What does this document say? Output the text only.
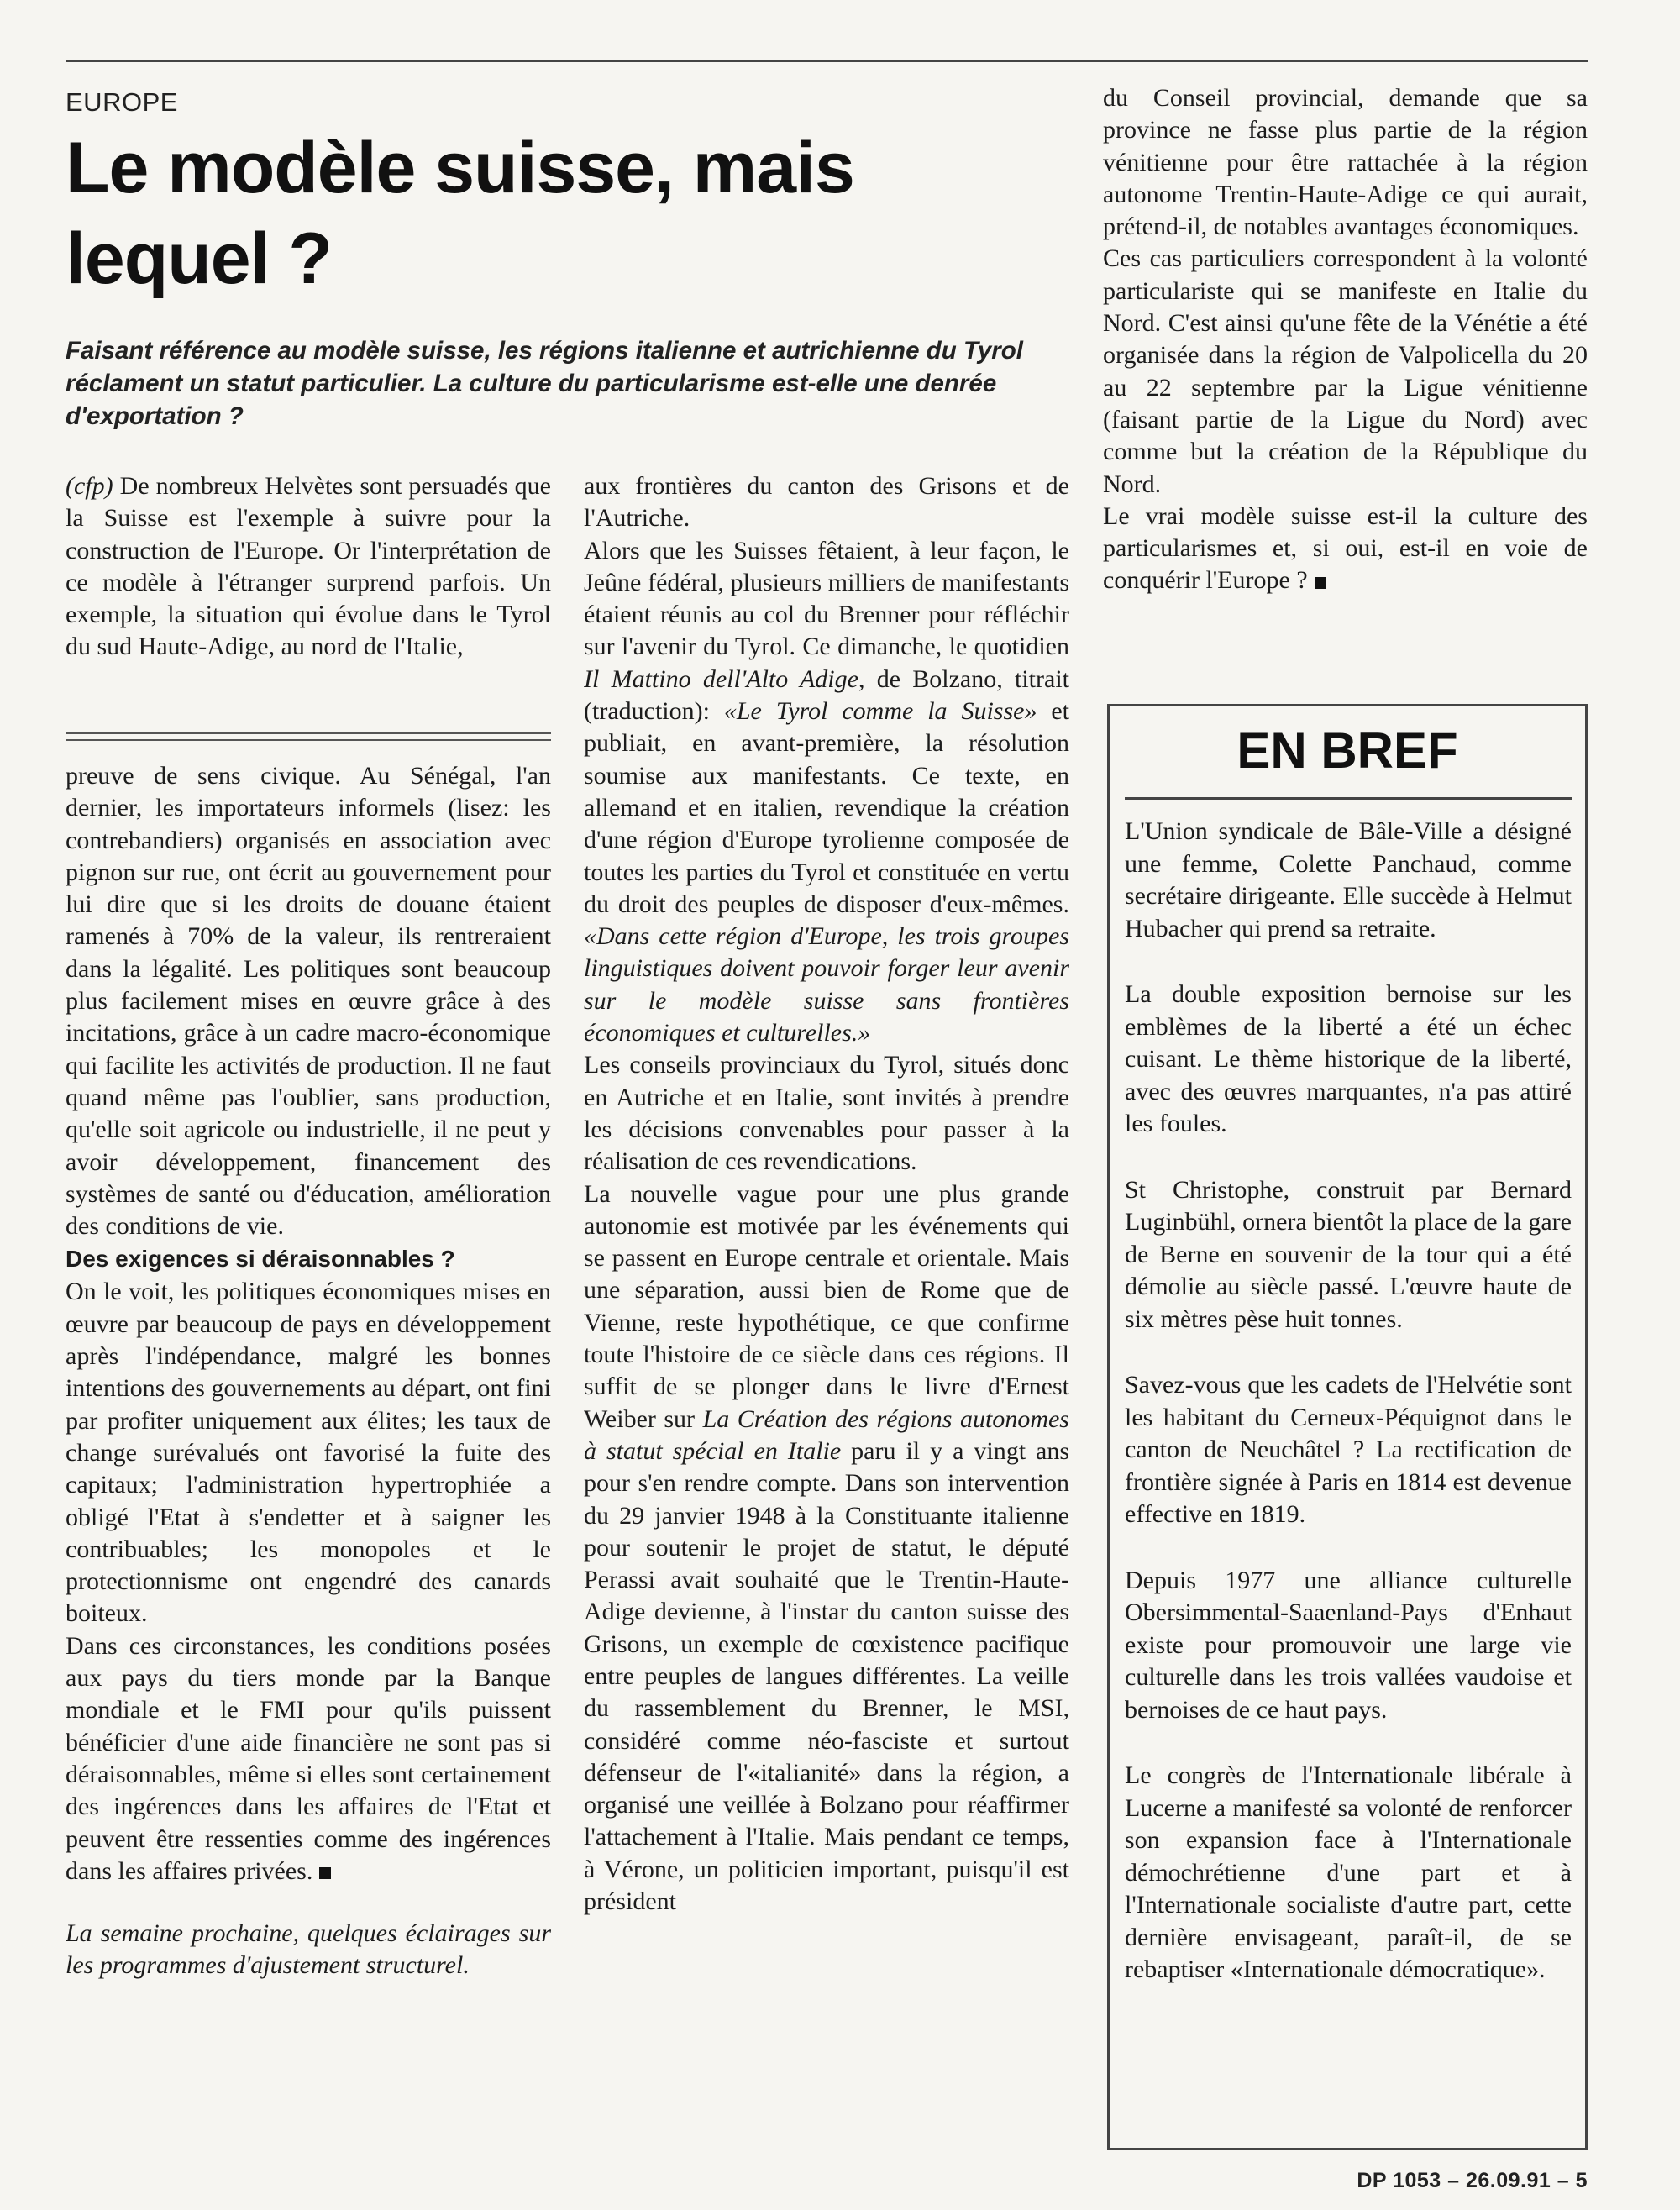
EUROPE
Le modèle suisse, mais lequel ?

Faisant référence au modèle suisse, les régions italienne et autrichienne du Tyrol réclament un statut particulier. La culture du particularisme est-elle une denrée d'exportation ?

(cfp) De nombreux Helvètes sont persuadés que la Suisse est l'exemple à suivre pour la construction de l'Europe. Or l'interprétation de ce modèle à l'étranger surprend parfois. Un exemple, la situation qui évolue dans le Tyrol du sud Haute-Adige, au nord de l'Italie,

preuve de sens civique. Au Sénégal, l'an dernier, les importateurs informels (lisez: les contrebandiers) organisés en association avec pignon sur rue, ont écrit au gouvernement pour lui dire que si les droits de douane étaient ramenés à 70% de la valeur, ils rentreraient dans la légalité. Les politiques sont beaucoup plus facilement mises en œuvre grâce à des incitations, grâce à un cadre macro-économique qui facilite les activités de production. Il ne faut quand même pas l'oublier, sans production, qu'elle soit agricole ou industrielle, il ne peut y avoir développement, financement des systèmes de santé ou d'éducation, amélioration des conditions de vie.

Des exigences si déraisonnables ?

On le voit, les politiques économiques mises en œuvre par beaucoup de pays en développement après l'indépendance, malgré les bonnes intentions des gouvernements au départ, ont fini par profiter uniquement aux élites; les taux de change surévalués ont favorisé la fuite des capitaux; l'administration hypertrophiée a obligé l'Etat à s'endetter et à saigner les contribuables; les monopoles et le protectionnisme ont engendré des canards boiteux.

Dans ces circonstances, les conditions posées aux pays du tiers monde par la Banque mondiale et le FMI pour qu'ils puissent bénéficier d'une aide financière ne sont pas si déraisonnables, même si elles sont certainement des ingérences dans les affaires de l'Etat et peuvent être ressenties comme des ingérences dans les affaires privées.

La semaine prochaine, quelques éclairages sur les programmes d'ajustement structurel.

aux frontières du canton des Grisons et de l'Autriche.

Alors que les Suisses fêtaient, à leur façon, le Jeûne fédéral, plusieurs milliers de manifestants étaient réunis au col du Brenner pour réfléchir sur l'avenir du Tyrol. Ce dimanche, le quotidien Il Mattino dell'Alto Adige, de Bolzano, titrait (traduction): «Le Tyrol comme la Suisse» et publiait, en avant-première, la résolution soumise aux manifestants. Ce texte, en allemand et en italien, revendique la création d'une région d'Europe tyrolienne composée de toutes les parties du Tyrol et constituée en vertu du droit des peuples de disposer d'eux-mêmes. «Dans cette région d'Europe, les trois groupes linguistiques doivent pouvoir forger leur avenir sur le modèle suisse sans frontières économiques et culturelles.»

Les conseils provinciaux du Tyrol, situés donc en Autriche et en Italie, sont invités à prendre les décisions convenables pour passer à la réalisation de ces revendications.

La nouvelle vague pour une plus grande autonomie est motivée par les événements qui se passent en Europe centrale et orientale. Mais une séparation, aussi bien de Rome que de Vienne, reste hypothétique, ce que confirme toute l'histoire de ce siècle dans ces régions. Il suffit de se plonger dans le livre d'Ernest Weiber sur La Création des régions autonomes à statut spécial en Italie paru il y a vingt ans pour s'en rendre compte. Dans son intervention du 29 janvier 1948 à la Constituante italienne pour soutenir le projet de statut, le député Perassi avait souhaité que le Trentin-Haute-Adige devienne, à l'instar du canton suisse des Grisons, un exemple de cœxistence pacifique entre peuples de langues différentes. La veille du rassemblement du Brenner, le MSI, considéré comme néo-fasciste et surtout défenseur de l'«italianité» dans la région, a organisé une veillée à Bolzano pour réaffirmer l'attachement à l'Italie. Mais pendant ce temps, à Vérone, un politicien important, puisqu'il est président

du Conseil provincial, demande que sa province ne fasse plus partie de la région vénitienne pour être rattachée à la région autonome Trentin-Haute-Adige ce qui aurait, prétend-il, de notables avantages économiques.

Ces cas particuliers correspondent à la volonté particulariste qui se manifeste en Italie du Nord. C'est ainsi qu'une fête de la Vénétie a été organisée dans la région de Valpolicella du 20 au 22 septembre par la Ligue vénitienne (faisant partie de la Ligue du Nord) avec comme but la création de la République du Nord.

Le vrai modèle suisse est-il la culture des particularismes et, si oui, est-il en voie de conquérir l'Europe ?

EN BREF

L'Union syndicale de Bâle-Ville a désigné une femme, Colette Panchaud, comme secrétaire dirigeante. Elle succède à Helmut Hubacher qui prend sa retraite.

La double exposition bernoise sur les emblèmes de la liberté a été un échec cuisant. Le thème historique de la liberté, avec des œuvres marquantes, n'a pas attiré les foules.

St Christophe, construit par Bernard Luginbühl, ornera bientôt la place de la gare de Berne en souvenir de la tour qui a été démolie au siècle passé. L'œuvre haute de six mètres pèse huit tonnes.

Savez-vous que les cadets de l'Helvétie sont les habitant du Cerneux-Péquignot dans le canton de Neuchâtel ? La rectification de frontière signée à Paris en 1814 est devenue effective en 1819.

Depuis 1977 une alliance culturelle Obersimmental-Saaenland-Pays d'Enhaut existe pour promouvoir une large vie culturelle dans les trois vallées vaudoise et bernoises de ce haut pays.

Le congrès de l'Internationale libérale à Lucerne a manifesté sa volonté de renforcer son expansion face à l'Internationale démochrétienne d'une part et à l'Internationale socialiste d'autre part, cette dernière envisageant, paraît-il, de se rebaptiser «Internationale démocratique».

DP 1053 – 26.09.91 – 5
